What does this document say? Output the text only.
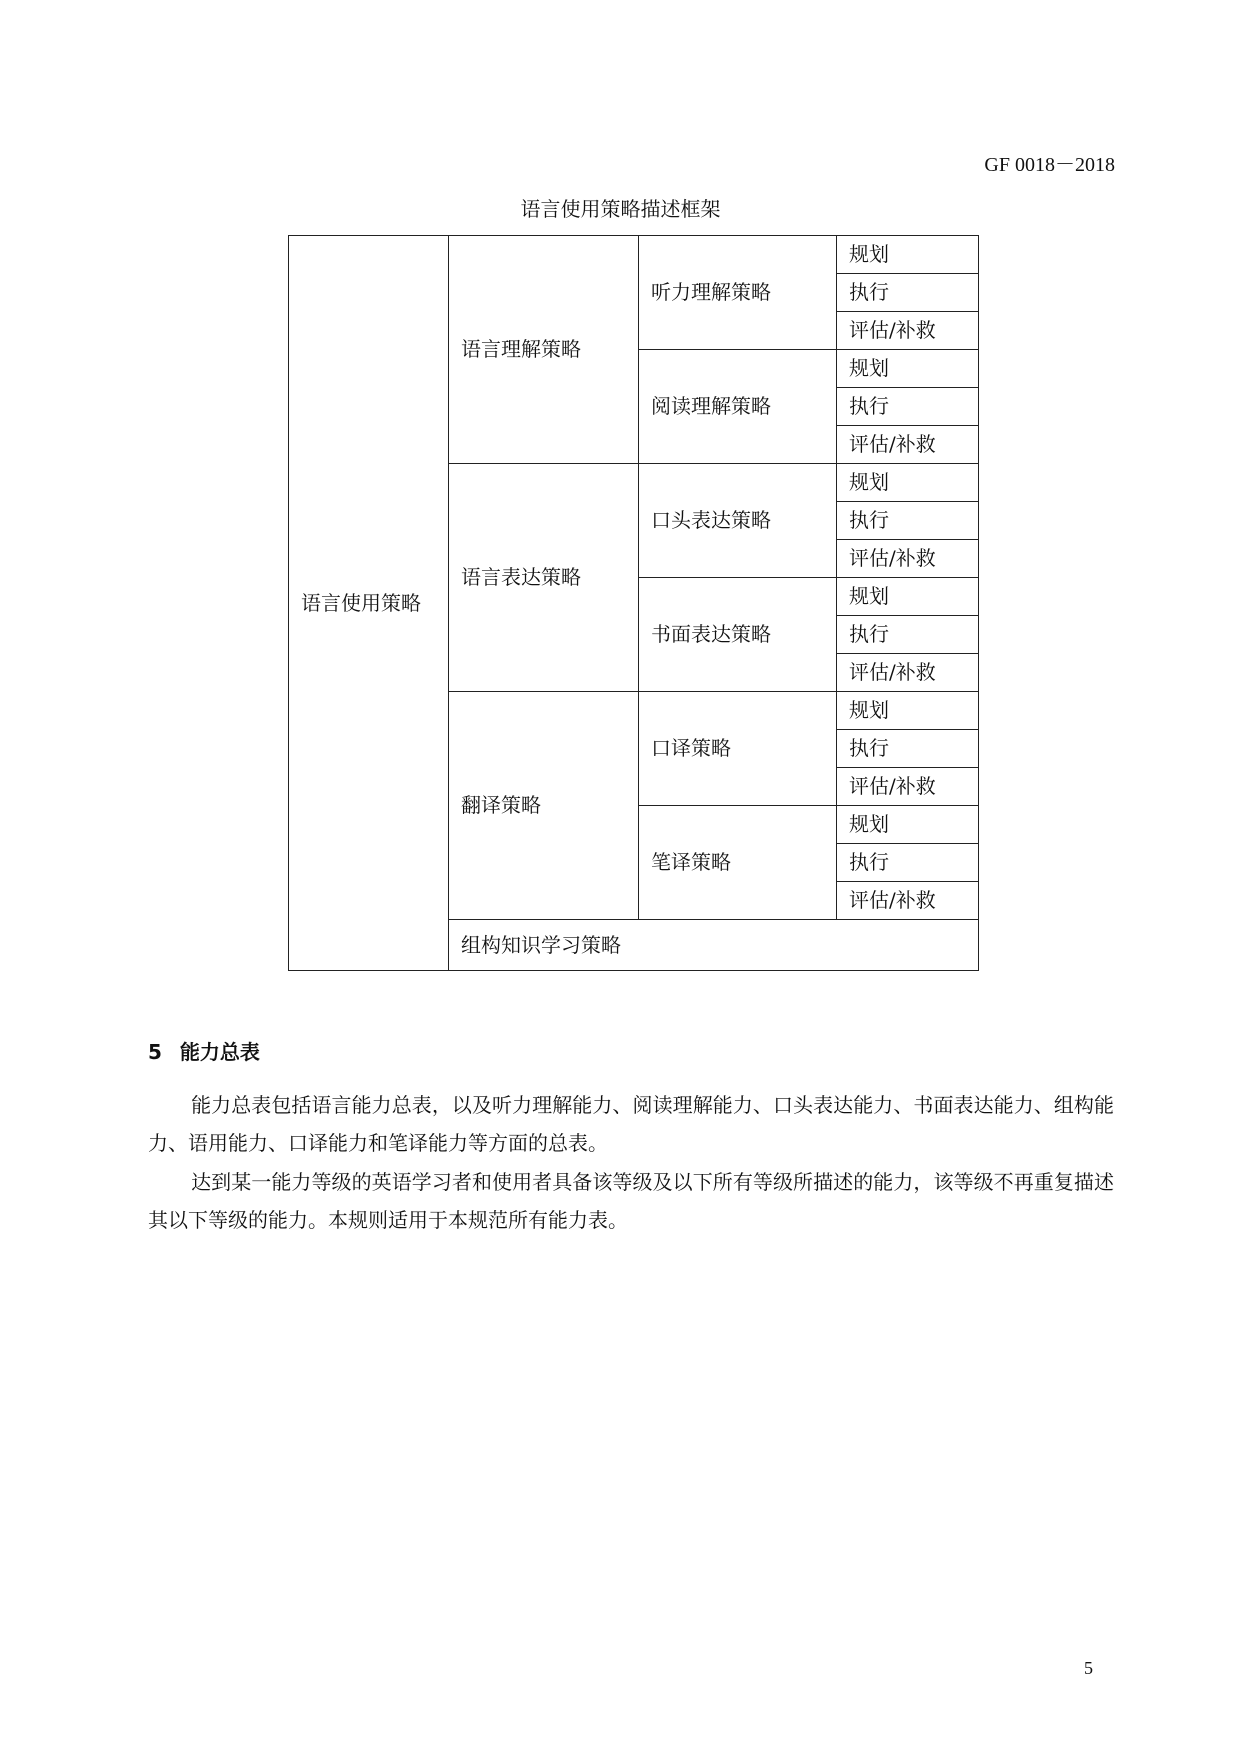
GF 0018－2018
语言使用策略描述框架
语言使用策略	语言理解策略	听力理解策略	规划
			执行
			评估/补救
		阅读理解策略	规划
			执行
			评估/补救
	语言表达策略	口头表达策略	规划
			执行
			评估/补救
		书面表达策略	规划
			执行
			评估/补救
	翻译策略	口译策略	规划
			执行
			评估/补救
		笔译策略	规划
			执行
			评估/补救
	组构知识学习策略		
5 能力总表
能力总表包括语言能力总表，以及听力理解能力、阅读理解能力、口头表达能力、书面表达能力、组构能力、语用能力、口译能力和笔译能力等方面的总表。
达到某一能力等级的英语学习者和使用者具备该等级及以下所有等级所描述的能力，该等级不再重复描述其以下等级的能力。本规则适用于本规范所有能力表。
5
